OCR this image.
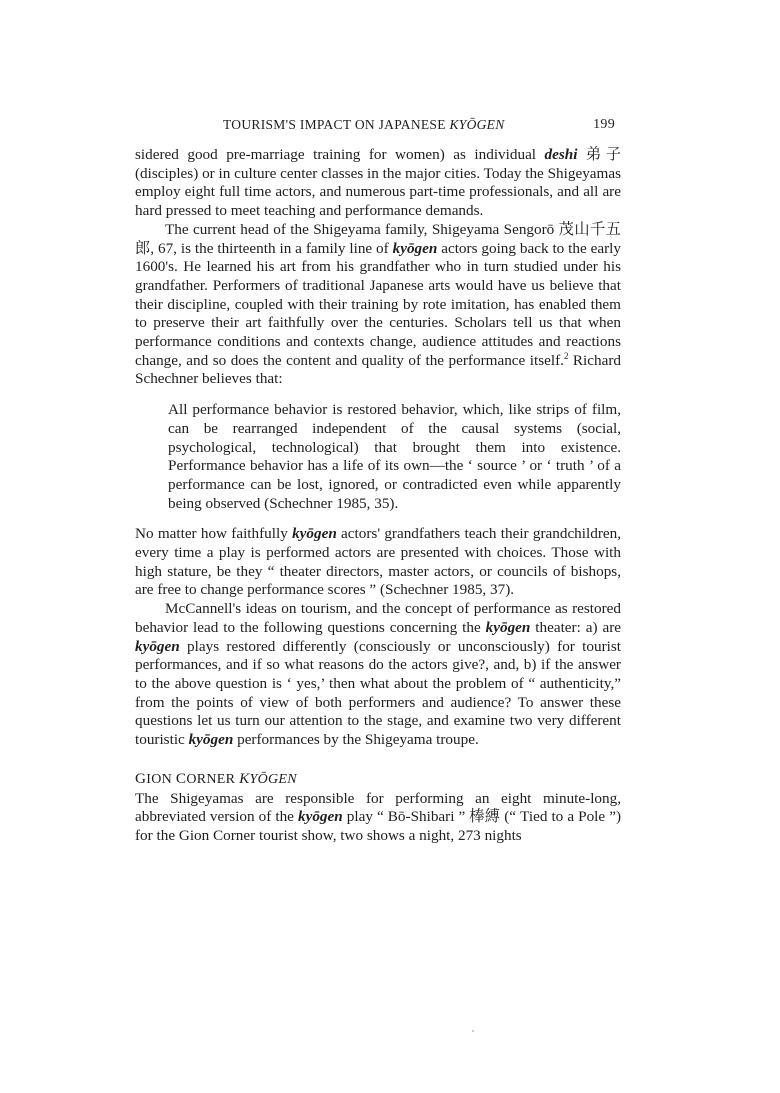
TOURISM'S IMPACT ON JAPANESE KYŌGEN	199

sidered good pre-marriage training for women) as individual deshi 弟子 (disciples) or in culture center classes in the major cities. Today the Shigeyamas employ eight full time actors, and numerous part-time professionals, and all are hard pressed to meet teaching and performance demands.

The current head of the Shigeyama family, Shigeyama Sengorō 茂山千五郎, 67, is the thirteenth in a family line of kyōgen actors going back to the early 1600's. He learned his art from his grandfather who in turn studied under his grandfather. Performers of traditional Japanese arts would have us believe that their discipline, coupled with their training by rote imitation, has enabled them to preserve their art faithfully over the centuries. Scholars tell us that when performance conditions and contexts change, audience attitudes and reactions change, and so does the content and quality of the performance itself.$^2$ Richard Schechner believes that:

All performance behavior is restored behavior, which, like strips of film, can be rearranged independent of the causal systems (social, psychological, technological) that brought them into existence. Performance behavior has a life of its own—the ‘ source ’ or ‘ truth ’ of a performance can be lost, ignored, or contradicted even while apparently being observed (Schechner 1985, 35).

No matter how faithfully kyōgen actors' grandfathers teach their grandchildren, every time a play is performed actors are presented with choices. Those with high stature, be they “ theater directors, master actors, or councils of bishops, are free to change performance scores ” (Schechner 1985, 37).

McCannell's ideas on tourism, and the concept of performance as restored behavior lead to the following questions concerning the kyōgen theater: a) are kyōgen plays restored differently (consciously or unconsciously) for tourist performances, and if so what reasons do the actors give?, and, b) if the answer to the above question is ‘ yes,’ then what about the problem of “ authenticity,” from the points of view of both performers and audience? To answer these questions let us turn our attention to the stage, and examine two very different touristic kyōgen performances by the Shigeyama troupe.

GION CORNER KYŌGEN

The Shigeyamas are responsible for performing an eight minute-long, abbreviated version of the kyōgen play “ Bō-Shibari ” 棒縛 (“ Tied to a Pole ”) for the Gion Corner tourist show, two shows a night, 273 nights
